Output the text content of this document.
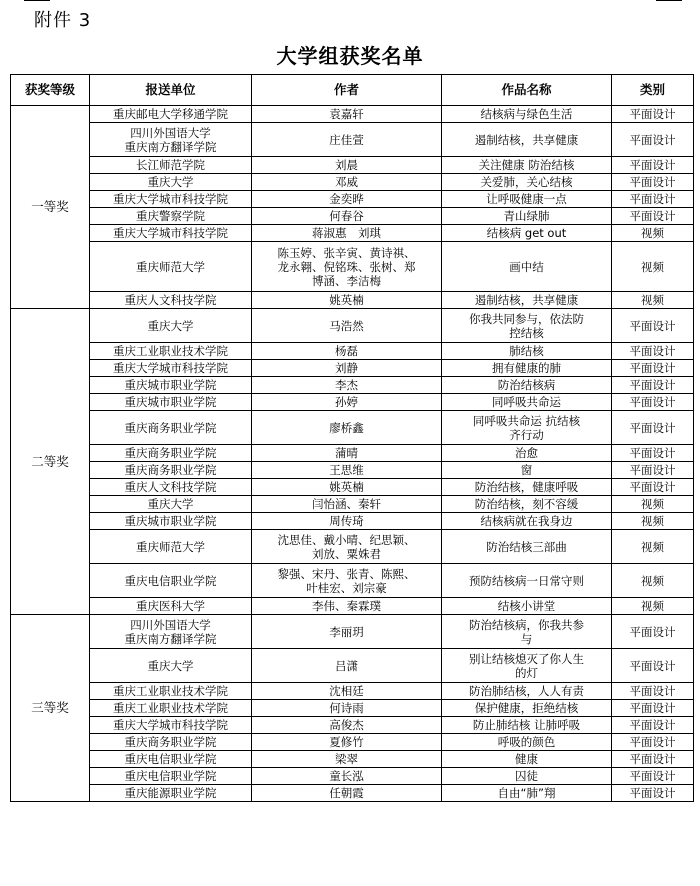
附件 3
大学组获奖名单
获奖等级	报送单位	作者	作品名称	类别
一等奖	重庆邮电大学移通学院	袁嘉轩	结核病与绿色生活	平面设计
	四川外国语大学
重庆南方翻译学院	庄佳萱	遏制结核，共享健康	平面设计
	长江师范学院	刘晨	关注健康 防治结核	平面设计
	重庆大学	邓威	关爱肺，关心结核	平面设计
	重庆大学城市科技学院	金奕晔	让呼吸健康一点	平面设计
	重庆警察学院	何春谷	青山绿肺	平面设计
	重庆大学城市科技学院	蒋淑惠　刘琪	结核病 get out	视频
	重庆师范大学	陈玉婷、张辛寅、黄诗祺、
龙永翱、倪铭珠、张树、郑
博涵、李洁梅	画中结	视频
	重庆人文科技学院	姚英楠	遏制结核，共享健康	视频
二等奖	重庆大学	马浩然	你我共同参与，依法防
控结核	平面设计
	重庆工业职业技术学院	杨磊	肺结核	平面设计
	重庆大学城市科技学院	刘静	拥有健康的肺	平面设计
	重庆城市职业学院	李杰	防治结核病	平面设计
	重庆城市职业学院	孙婷	同呼吸共命运	平面设计
	重庆商务职业学院	廖桥鑫	同呼吸共命运 抗结核
齐行动	平面设计
	重庆商务职业学院	蒲晴	治愈	平面设计
	重庆商务职业学院	王思维	窗	平面设计
	重庆人文科技学院	姚英楠	防治结核，健康呼吸	平面设计
	重庆大学	闫怡涵、秦轩	防治结核，刻不容缓	视频
	重庆城市职业学院	周传琦	结核病就在我身边	视频
	重庆师范大学	沈思佳、戴小晴、纪思颖、
刘放、粟姝君	防治结核三部曲	视频
	重庆电信职业学院	黎强、宋丹、张青、陈熙、
叶桂宏、刘宗豪	预防结核病一日常守则	视频
	重庆医科大学	李伟、秦霖璞	结核小讲堂	视频
三等奖	四川外国语大学
重庆南方翻译学院	李丽玥	防治结核病，你我共参
与	平面设计
	重庆大学	吕潇	别让结核熄灭了你人生
的灯	平面设计
	重庆工业职业技术学院	沈相廷	防治肺结核，人人有责	平面设计
	重庆工业职业技术学院	何诗雨	保护健康，拒绝结核	平面设计
	重庆大学城市科技学院	高俊杰	防止肺结核 让肺呼吸	平面设计
	重庆商务职业学院	夏修竹	呼吸的颜色	平面设计
	重庆电信职业学院	梁翠	健康	平面设计
	重庆电信职业学院	童长泓	囚徒	平面设计
	重庆能源职业学院	任朝霞	自由“肺”翔	平面设计
